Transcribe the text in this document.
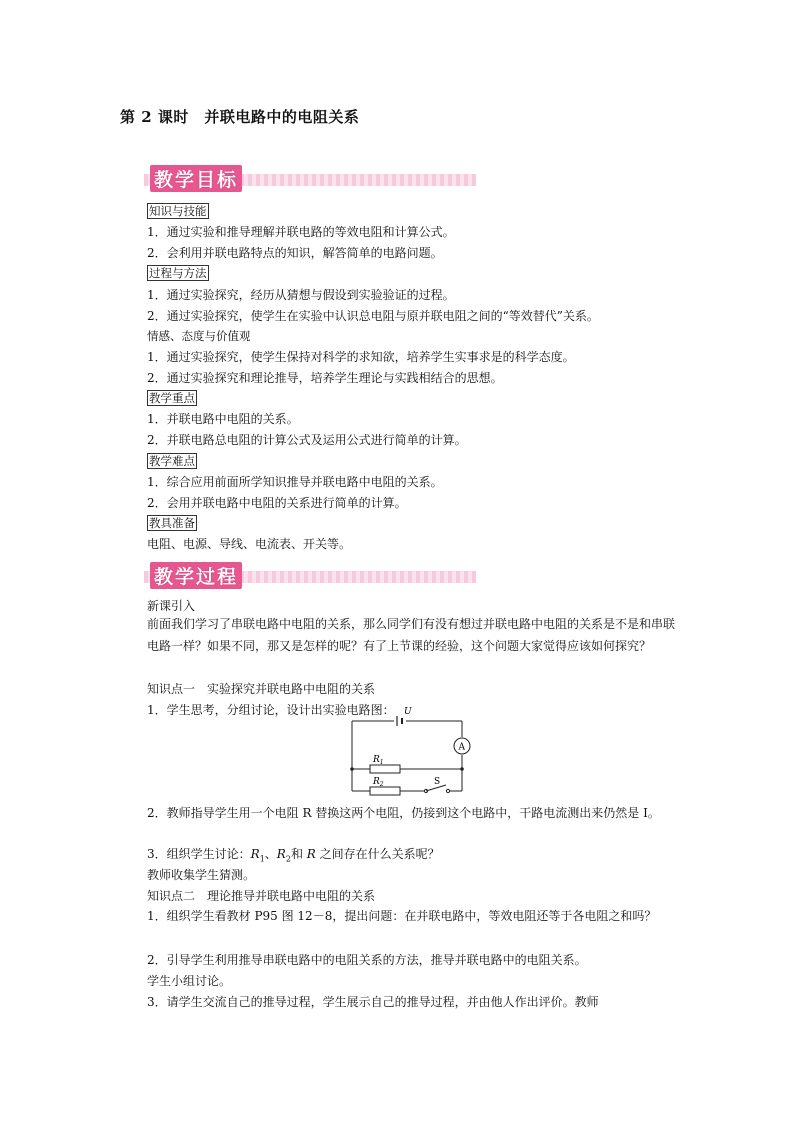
第 2 课时　并联电路中的电阻关系
教学目标
知识与技能
1．通过实验和推导理解并联电路的等效电阻和计算公式。
2．会利用并联电路特点的知识，解答简单的电路问题。
过程与方法
1．通过实验探究，经历从猜想与假设到实验验证的过程。
2．通过实验探究，使学生在实验中认识总电阻与原并联电阻之间的“等效替代”关系。
情感、态度与价值观
1．通过实验探究，使学生保持对科学的求知欲，培养学生实事求是的科学态度。
2．通过实验探究和理论推导，培养学生理论与实践相结合的思想。
教学重点
1．并联电路中电阻的关系。
2．并联电路总电阻的计算公式及运用公式进行简单的计算。
教学难点
1．综合应用前面所学知识推导并联电路中电阻的关系。
2．会用并联电路中电阻的关系进行简单的计算。
教具准备
电阻、电源、导线、电流表、开关等。
教学过程
新课引入
前面我们学习了串联电路中电阻的关系，那么同学们有没有想过并联电路中电阻的关系是不是和串联电路一样？如果不同，那又是怎样的呢？有了上节课的经验，这个问题大家觉得应该如何探究？
知识点一　实验探究并联电路中电阻的关系
1．学生思考，分组讨论，设计出实验电路图： U
A
$R_1$
$R_2$	S
2．教师指导学生用一个电阻 R 替换这两个电阻，仍接到这个电路中，干路电流测出来仍然是 I。
3．组织学生讨论：$R_1$、$R_2$和 R 之间存在什么关系呢？
教师收集学生猜测。
知识点二　理论推导并联电路中电阻的关系
1．组织学生看教材 P95 图 12－8，提出问题：在并联电路中，等效电阻还等于各电阻之和吗？
2．引导学生利用推导串联电路中的电阻关系的方法，推导并联电路中的电阻关系。
学生小组讨论。
3．请学生交流自己的推导过程，学生展示自己的推导过程，并由他人作出评价。教师
